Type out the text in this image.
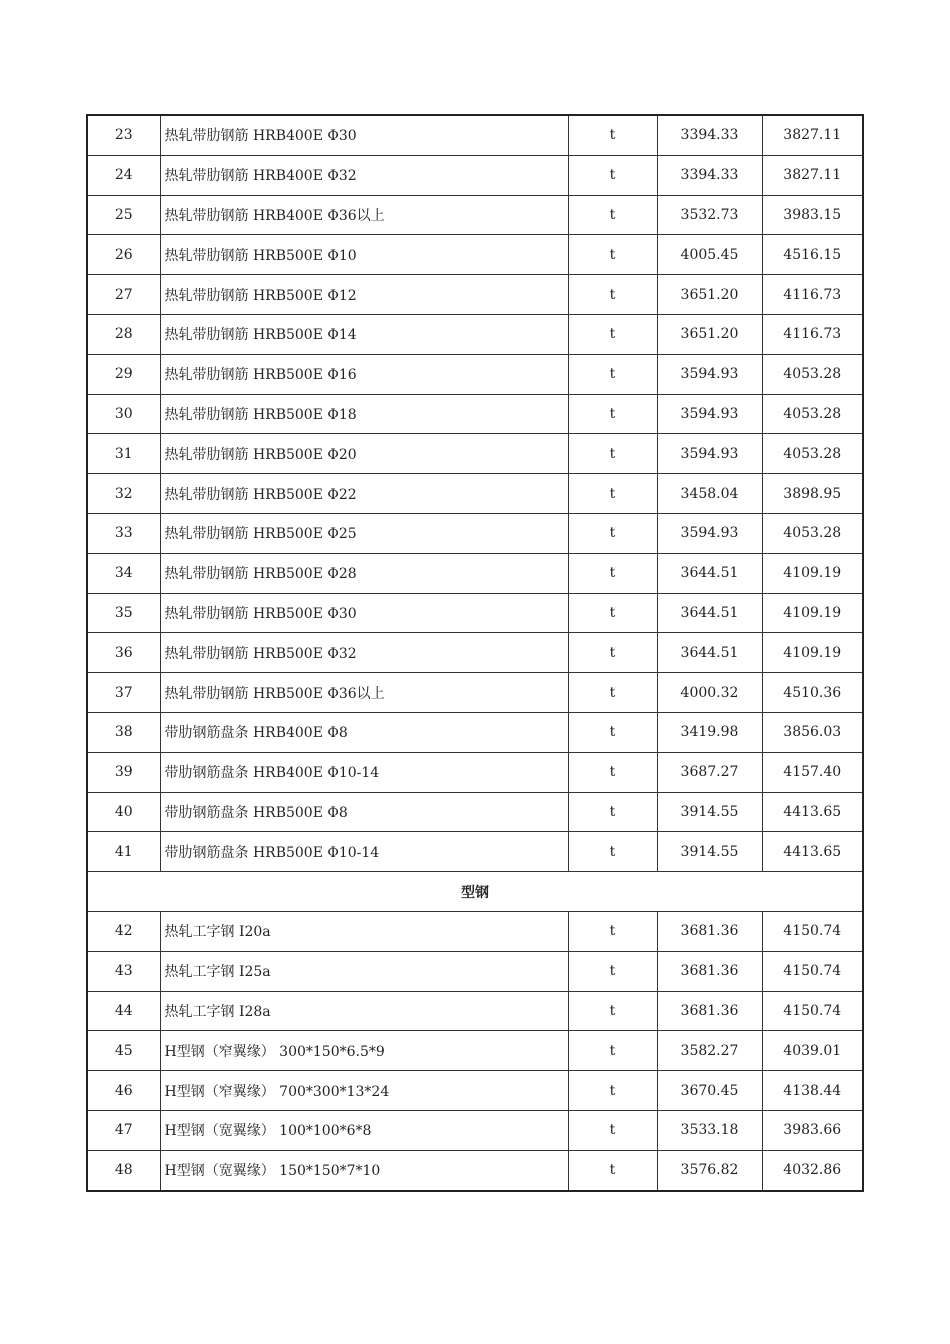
23	热轧带肋钢筋 HRB400E Φ30	t	3394.33	3827.11
24	热轧带肋钢筋 HRB400E Φ32	t	3394.33	3827.11
25	热轧带肋钢筋 HRB400E Φ36以上	t	3532.73	3983.15
26	热轧带肋钢筋 HRB500E Φ10	t	4005.45	4516.15
27	热轧带肋钢筋 HRB500E Φ12	t	3651.20	4116.73
28	热轧带肋钢筋 HRB500E Φ14	t	3651.20	4116.73
29	热轧带肋钢筋 HRB500E Φ16	t	3594.93	4053.28
30	热轧带肋钢筋 HRB500E Φ18	t	3594.93	4053.28
31	热轧带肋钢筋 HRB500E Φ20	t	3594.93	4053.28
32	热轧带肋钢筋 HRB500E Φ22	t	3458.04	3898.95
33	热轧带肋钢筋 HRB500E Φ25	t	3594.93	4053.28
34	热轧带肋钢筋 HRB500E Φ28	t	3644.51	4109.19
35	热轧带肋钢筋 HRB500E Φ30	t	3644.51	4109.19
36	热轧带肋钢筋 HRB500E Φ32	t	3644.51	4109.19
37	热轧带肋钢筋 HRB500E Φ36以上	t	4000.32	4510.36
38	带肋钢筋盘条 HRB400E Φ8	t	3419.98	3856.03
39	带肋钢筋盘条 HRB400E Φ10-14	t	3687.27	4157.40
40	带肋钢筋盘条 HRB500E Φ8	t	3914.55	4413.65
41	带肋钢筋盘条 HRB500E Φ10-14	t	3914.55	4413.65
型钢				
42	热轧工字钢 I20a	t	3681.36	4150.74
43	热轧工字钢 I25a	t	3681.36	4150.74
44	热轧工字钢 I28a	t	3681.36	4150.74
45	H型钢（窄翼缘） 300*150*6.5*9	t	3582.27	4039.01
46	H型钢（窄翼缘） 700*300*13*24	t	3670.45	4138.44
47	H型钢（宽翼缘） 100*100*6*8	t	3533.18	3983.66
48	H型钢（宽翼缘） 150*150*7*10	t	3576.82	4032.86
